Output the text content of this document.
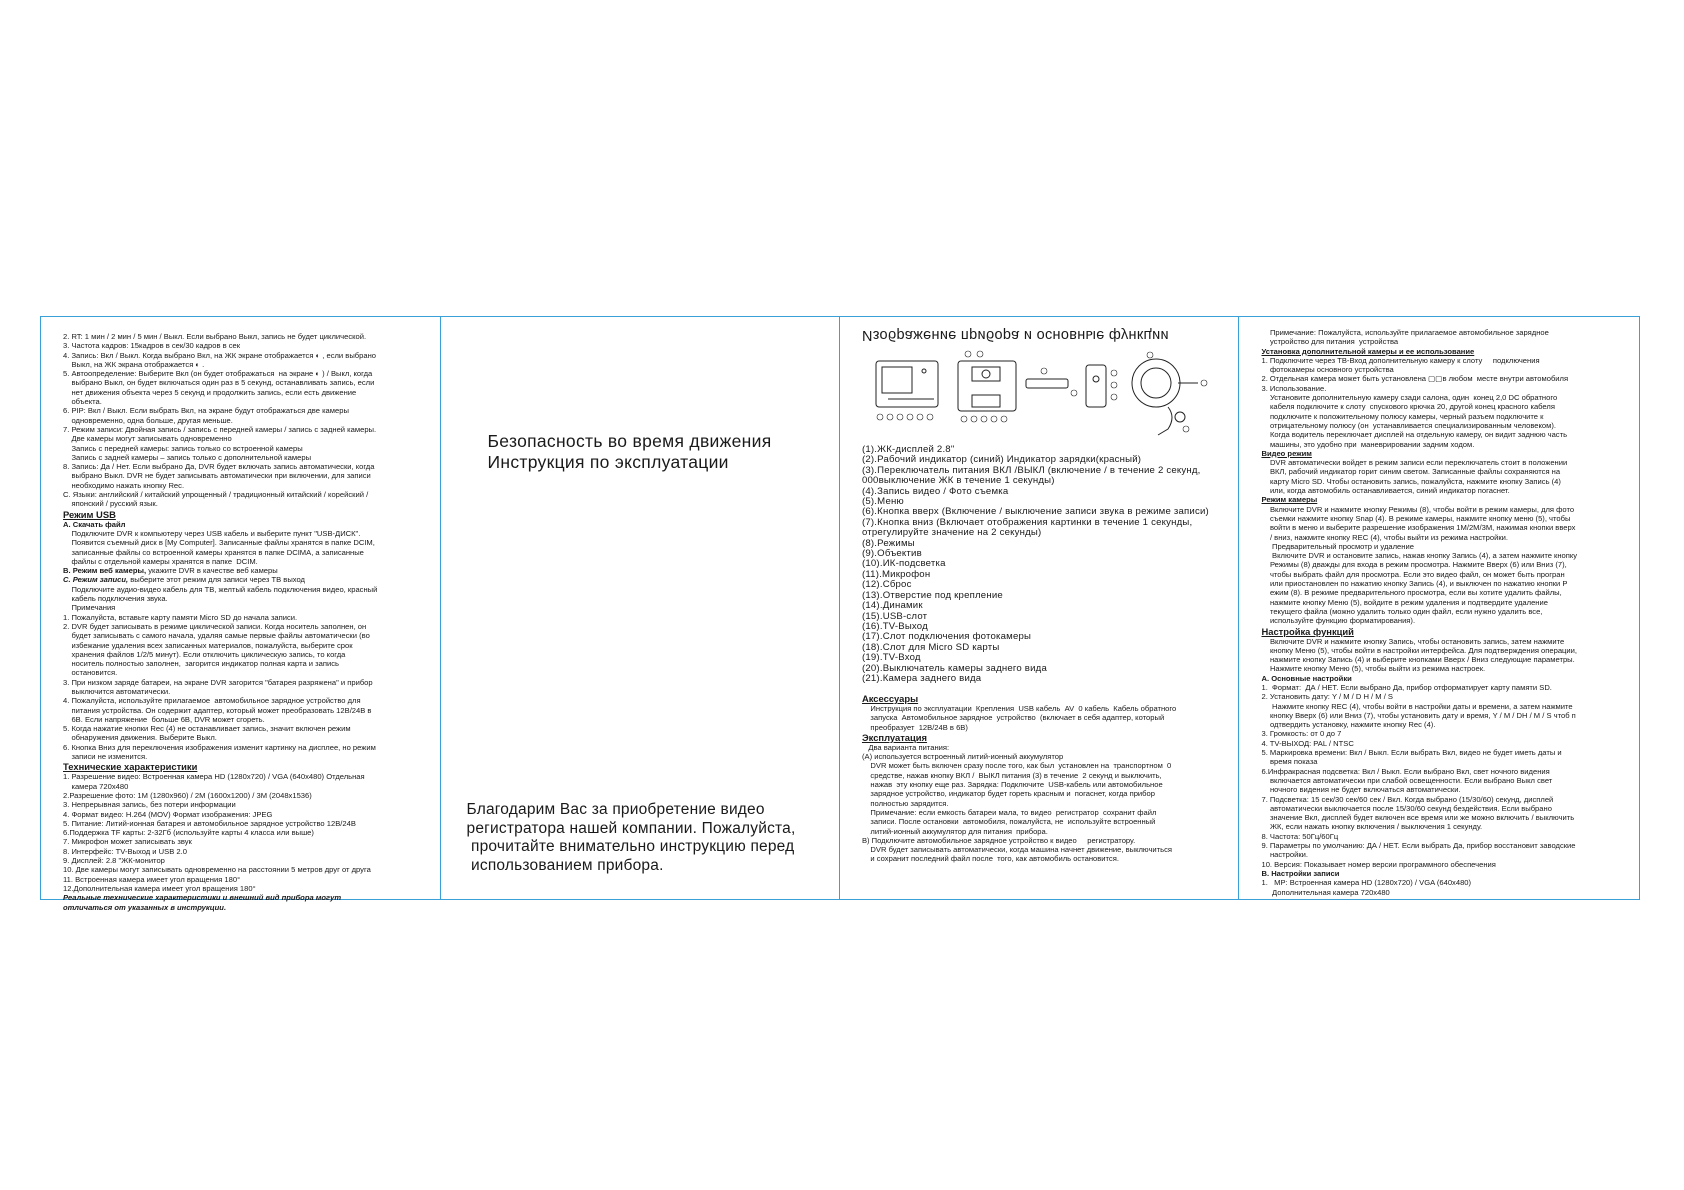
2. RT: 1 мин / 2 мин / 5 мин / Выкл. Если выбрано Выкл, запись не будет циклической.
3. Частота кадров: 15кадров в сек/30 кадров в сек
4. Запись: Вкл / Выкл. Когда выбрано Вкл, на ЖК экране отображается ◐ , если выбрано
Выкл, на ЖК экрана отображается ◐ .
5. Автоопределение: Выберите Вкл (он будет отображаться  на экране ◐ ) / Выкл, когда
выбрано Выкл, он будет включаться один раз в 5 секунд, останавливать запись, если
нет движения объекта через 5 секунд и продолжить запись, если есть движение
объекта.
6. PIP: Вкл / Выкл. Если выбрать Вкл, на экране будут отображаться две камеры
одновременно, одна больше, другая меньше.
7. Режим записи: Двойная запись / запись с передней камеры / запись с задней камеры.
Две камеры могут записывать одновременно
Запись с передней камеры: запись только со встроенной камеры
Запись с задней камеры – запись только с дополнительной камеры
8. Запись: Да / Нет. Если выбрано Да, DVR будет включать запись автоматически, когда
выбрано Выкл. DVR не будет записывать автоматически при включении, для записи
необходимо нажать кнопку Rec.
C. Языки: английский / китайский упрощенный / традиционный китайский / корейский /
японский / русский язык.
Режим USB
A. Скачать файл
Подключите DVR к компьютеру через USB кабель и выберите пункт "USB-ДИСК".
Появится съемный диск в [My Computer]. Записанные файлы хранятся в папке DCIM,
записанные файлы со встроенной камеры хранятся в папке DCIMA, а записанные
файлы с отдельной камеры хранятся в папке  DCIM.
B. Режим веб камеры, укажите DVR в качестве веб камеры
C. Режим записи, выберите этот режим для записи через ТВ выход
Подключите аудио-видео кабель для ТВ, желтый кабель подключения видео, красный
кабель подключения звука.
Примечания
1. Пожалуйста, вставьте карту памяти Micro SD до начала записи.
2. DVR будет записывать в режиме циклической записи. Когда носитель заполнен, он
будет записывать с самого начала, удаляя самые первые файлы автоматически (во
избежание удаления всех записанных материалов, пожалуйста, выберите срок
хранения файлов 1/2/5 минут). Если отключить циклическую запись, то когда
носитель полностью заполнен,  загорится индикатор полная карта и запись
остановится.
3. При низком заряде батареи, на экране DVR загорится "батарея разряжена" и прибор
выключится автоматически.
4. Пожалуйста, используйте прилагаемое  автомобильное зарядное устройство для
питания устройства. Он содержит адаптер, который может преобразовать 12В/24В в
6В. Если напряжение  больше 6В, DVR может сгореть.
5. Когда нажатие кнопки Rec (4) не останавливает запись, значит включен режим
обнаружения движения. Выберите Выкл.
6. Кнопка Вниз для переключения изображения изменит картинку на дисплее, но режим
записи не изменится.
Технические характеристики
1. Разрешение видео: Встроенная камера HD (1280x720) / VGA (640x480) Отдельная
камера 720x480
2.Разрешение фото: 1M (1280x960) / 2M (1600x1200) / 3M (2048x1536)
3. Непрерывная запись, без потери информации
4. Формат видео: H.264 (MOV) Формат изображения: JPEG
5. Питание: Литий-ионная батарея и автомобильное зарядное устройство 12В/24В
6.Поддержка TF карты: 2-32Гб (используйте карты 4 класса или выше)
7. Микрофон может записывать звук
8. Интерфейс: TV-Выход и USB 2.0
9. Дисплей: 2.8 "ЖК-монитор
10. Две камеры могут записывать одновременно на расстоянии 5 метров друг от друга
11. Встроенная камера имеет угол вращения 180°
12.Дополнительная камера имеет угол вращения 180°
Реальные технические характеристики и внешний вид прибора могут
отличаться от указанных в инструкции.
Безопасность во время движения
Инструкция по эксплуатации
Благодарим Вас за приобретение видео
регистратора нашей компании. Пожалуйста,
прочитайте внимательно инструкцию перед
использованием прибора.
Изображение прибора и основные функции
(1).ЖК-дисплей 2.8"
(2).Рабочий индикатор (синий) Индикатор зарядки(красный)
(3).Переключатель питания ВКЛ /ВЫКЛ (включение / в течение 2 секунд,
000выключение ЖК в течение 1 секунды)
(4).Запись видео / Фото съемка
(5).Меню
(6).Кнопка вверх (Включение / выключение записи звука в режиме записи)
(7).Кнопка вниз (Включает отображения картинки в течение 1 секунды,
отрегулируйте значение на 2 секунды)
(8).Режимы
(9).Объектив
(10).ИК-подсветка
(11).Микрофон
(12).Сброс
(13).Отверстие под крепление
(14).Динамик
(15).USB-слот
(16).TV-Выход
(17).Слот подключения фотокамеры
(18).Слот для Micro SD карты
(19).TV-Вход
(20).Выключатель камеры заднего вида
(21).Камера заднего вида
Аксессуары
Инструкция по эксплуатации  Крепления  USB кабель  AV  0 кабель  Кабель обратного
запуска  Автомобильное зарядное  устройство  (включает в себя адаптер, который
преобразует  12В/24В в 6В)
Эксплуатация
Два варианта питания:
(А) используется встроенный литий-ионный аккумулятор
DVR может быть включен сразу после того, как был  установлен на  транспортном  0
средстве, нажав кнопку ВКЛ /  ВЫКЛ питания (3) в течение  2 секунд и выключить,
нажав  эту кнопку еще раз. Зарядка: Подключите  USB-кабель или автомобильное
зарядное устройство, индикатор будет гореть красным и  погаснет, когда прибор
полностью зарядится.
Примечание: если емкость батареи мала, то видео  регистратор  сохранит файл
записи. После остановки  автомобиля, пожалуйста, не  используйте встроенный
литий-ионный аккумулятор для питания  прибора.
В) Подключите автомобильное зарядное устройство к видео     регистратору.
DVR будет записывать автоматически, когда машина начнет движение, выключиться
и сохранит последний файл после  того, как автомобиль остановится.
Примечание: Пожалуйста, используйте прилагаемое автомобильное зарядное
устройство для питания  устройства
Установка дополнительной камеры и ее использование
1. Подключите через TB-Вход дополнительную камеру к слоту     подключения
фотокамеры основного устройства
2. Отдельная камера может быть установлена ▢▢в любом  месте внутри автомобиля
3. Использование.
Установите дополнительную камеру сзади салона, один  конец 2,0 DC обратного
кабеля подключите к слоту  спускового крючка 20, другой конец красного кабеля
подключите к положительному полюсу камеры, черный разъем подключите к
отрицательному полюсу (он  устанавливается специализированным человеком).
Когда водитель переключает дисплей на отдельную камеру, он видит заднюю часть
машины, это удобно при  маневрировании задним ходом.
Видео режим
DVR автоматически войдет в режим записи если переключатель стоит в положении
ВКЛ, рабочий индикатор горит синим светом. Записанные файлы сохраняются на
карту Micro SD. Чтобы остановить запись, пожалуйста, нажмите кнопку Запись (4)
или, когда автомобиль останавливается, синий индикатор погаснет.
Режим камеры
Включите DVR и нажмите кнопку Режимы (8), чтобы войти в режим камеры, для фото
съемки нажмите кнопку Snap (4). В режиме камеры, нажмите кнопку меню (5), чтобы
войти в меню и выберите разрешение изображения 1M/2M/3M, нажимая кнопки вверх
/ вниз, нажмите кнопку REC (4), чтобы выйти из режима настройки.
Предварительный просмотр и удаление
Включите DVR и остановите запись, нажав кнопку Запись (4), а затем нажмите кнопку
Режимы (8) дважды для входа в режим просмотра. Нажмите Вверх (6) или Вниз (7),
чтобы выбрать файл для просмотра. Если это видео файл, он может быть програн
или приостановлен по нажатию кнопку Запись (4), и выключен по нажатию кнопки Р
ежим (8). В режиме предварительного просмотра, если вы хотите удалить файлы,
нажмите кнопку Меню (5), войдите в режим удаления и подтвердите удаление
текущего файла (можно удалить только один файл, если нужно удалить все,
используйте функцию форматирования).
Настройка функций
Включите DVR и нажмите кнопку Запись, чтобы остановить запись, затем нажмите
кнопку Меню (5), чтобы войти в настройки интерфейса. Для подтверждения операции,
нажмите кнопку Запись (4) и выберите кнопками Вверх / Вниз следующие параметры.
Нажмите кнопку Меню (5), чтобы выйти из режима настроек.
A. Основные настройки
1.  Формат:  ДА / НЕТ. Если выбрано Да, прибор отформатирует карту памяти SD.
2. Установить дату: Y / M / D H / M / S
Нажмите кнопку REC (4), чтобы войти в настройки даты и времени, а затем нажмите
кнопку Вверх (6) или Вниз (7), чтобы установить дату и время, Y / M / DH / M / S чтоб п
одтвердить установку, нажмите кнопку Rec (4).
3. Громкость: от 0 до 7
4. TV-ВЫХОД: PAL / NTSC
5. Маркировка времени: Вкл / Выкл. Если выбрать Вкл, видео не будет иметь даты и
время показа
6.Инфракрасная подсветка: Вкл / Выкл. Если выбрано Вкл, свет ночного видения
включается автоматически при слабой освещенности. Если выбрано Выкл свет
ночного видения не будет включаться автоматически.
7. Подсветка: 15 сек/30 сек/60 сек / Вкл. Когда выбрано (15/30/60) секунд, дисплей
автоматически выключается после 15/30/60 секунд бездействия. Если выбрано
значение Вкл, дисплей будет включен все время или же можно включить / выключить
ЖК, если нажать кнопку включения / выключения 1 секунду.
8. Частота: 50Гц/60Гц
9. Параметры по умолчанию: ДА / НЕТ. Если выбрать Да, прибор восстановит заводские
настройки.
10. Версия: Показывает номер версии программного обеспечения
B. Настройки записи
1.   MP: Встроенная камера HD (1280x720) / VGA (640x480)
Дополнительная камера 720x480
